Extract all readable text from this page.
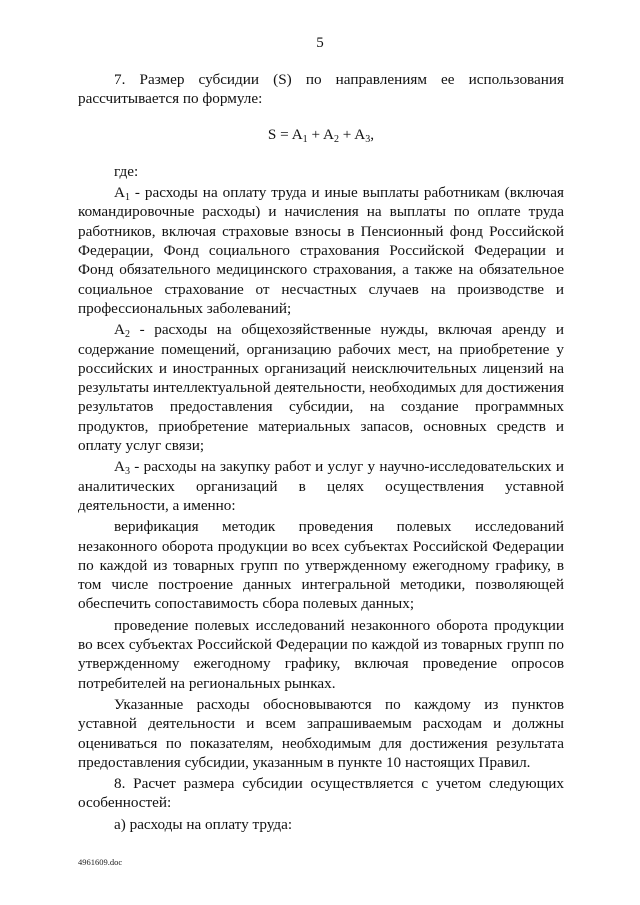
5

7. Размер субсидии (S) по направлениям ее использования рассчитывается по формуле:

$S = A_1 + A_2 + A_3$,

где:

$A_1$ - расходы на оплату труда и иные выплаты работникам (включая командировочные расходы) и начисления на выплаты по оплате труда работников, включая страховые взносы в Пенсионный фонд Российской Федерации, Фонд социального страхования Российской Федерации и Фонд обязательного медицинского страхования, а также на обязательное социальное страхование от несчастных случаев на производстве и профессиональных заболеваний;

$A_2$ - расходы на общехозяйственные нужды, включая аренду и содержание помещений, организацию рабочих мест, на приобретение у российских и иностранных организаций неисключительных лицензий на результаты интеллектуальной деятельности, необходимых для достижения результатов предоставления субсидии, на создание программных продуктов, приобретение материальных запасов, основных средств и оплату услуг связи;

$A_3$ - расходы на закупку работ и услуг у научно-исследовательских и аналитических организаций в целях осуществления уставной деятельности, а именно:

верификация методик проведения полевых исследований незаконного оборота продукции во всех субъектах Российской Федерации по каждой из товарных групп по утвержденному ежегодному графику, в том числе построение данных интегральной методики, позволяющей обеспечить сопоставимость сбора полевых данных;

проведение полевых исследований незаконного оборота продукции во всех субъектах Российской Федерации по каждой из товарных групп по утвержденному ежегодному графику, включая проведение опросов потребителей на региональных рынках.

Указанные расходы обосновываются по каждому из пунктов уставной деятельности и всем запрашиваемым расходам и должны оцениваться по показателям, необходимым для достижения результата предоставления субсидии, указанным в пункте 10 настоящих Правил.

8. Расчет размера субсидии осуществляется с учетом следующих особенностей:

а) расходы на оплату труда:

4961609.doc
